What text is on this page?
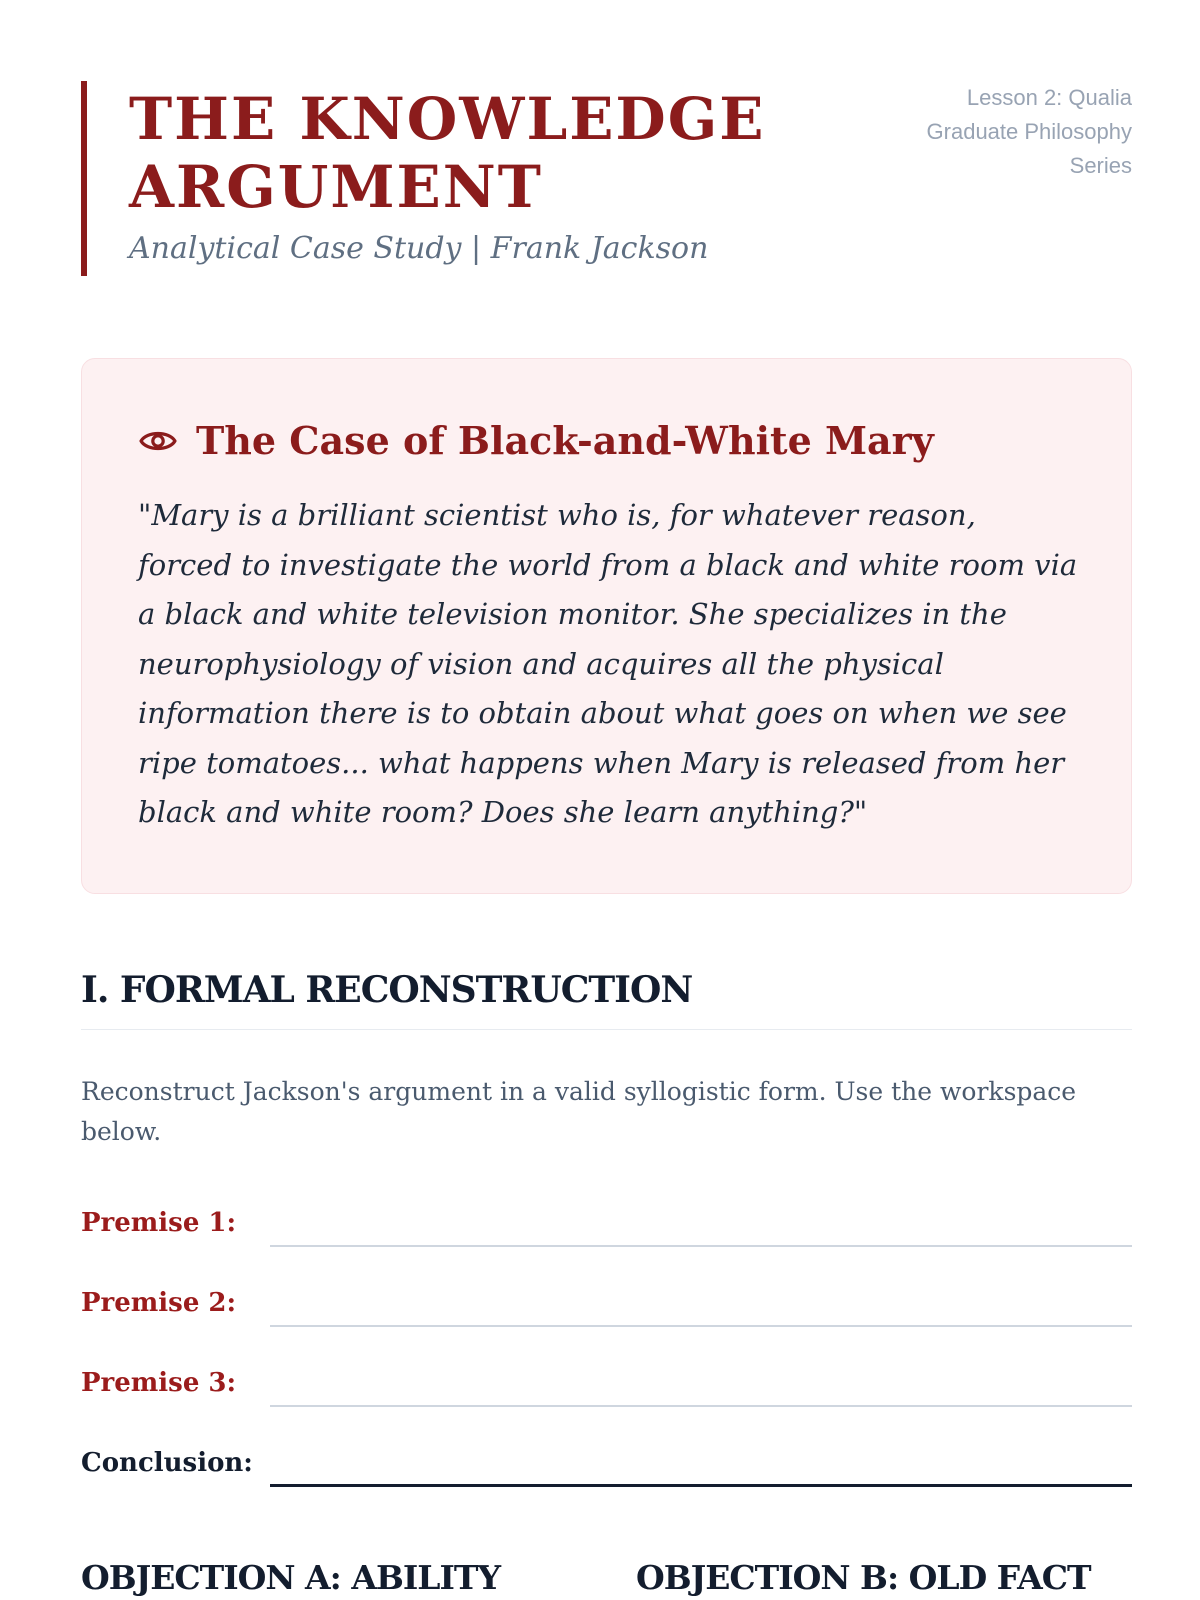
THE KNOWLEDGE
ARGUMENT
Analytical Case Study | Frank Jackson
Lesson 2: Qualia
Graduate Philosophy
Series
The Case of Black-and-White Mary

"Mary is a brilliant scientist who is, for whatever reason, forced to investigate the world from a black and white room via a black and white television monitor. She specializes in the neurophysiology of vision and acquires all the physical information there is to obtain about what goes on when we see ripe tomatoes... what happens when Mary is released from her black and white room? Does she learn anything?"

I. FORMAL RECONSTRUCTION

Reconstruct Jackson's argument in a valid syllogistic form. Use the workspace below.

Premise 1:
Premise 2:
Premise 3:
Conclusion:
OBJECTION A: ABILITY	OBJECTION B: OLD FACT
